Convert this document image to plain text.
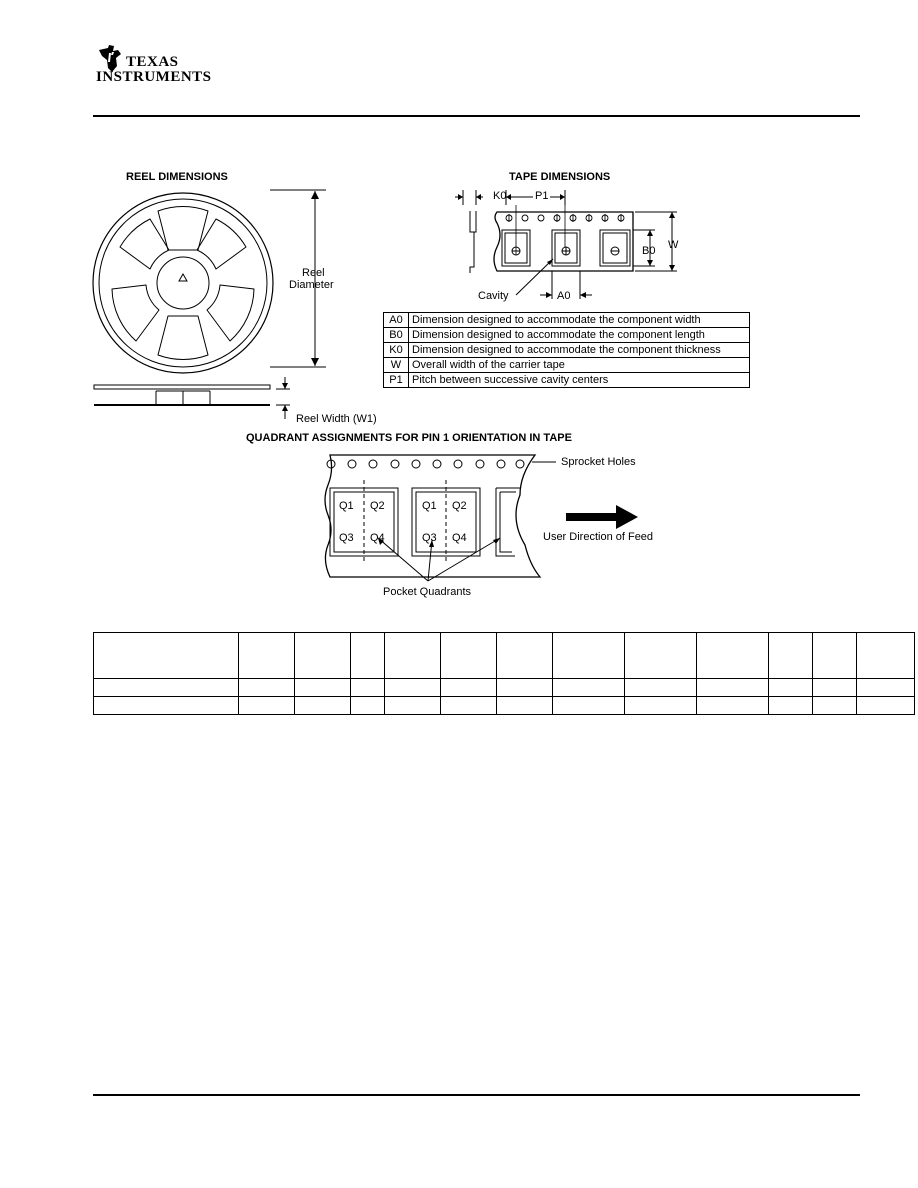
TEXAS
INSTRUMENTS
REEL DIMENSIONS
Reel
Diameter
Reel Width (W1)
TAPE DIMENSIONS
K0	P1
B0 W
Cavity	A0
A0	Dimension designed to accommodate the component width
B0	Dimension designed to accommodate the component length
K0	Dimension designed to accommodate the component thickness
W	Overall width of the carrier tape
P1	Pitch between successive cavity centers
QUADRANT ASSIGNMENTS FOR PIN 1 ORIENTATION IN TAPE
Q1 Q2
Q3 Q4
Q1 Q2
Q3 Q4
Sprocket Holes
User Direction of Feed
Pocket Quadrants
